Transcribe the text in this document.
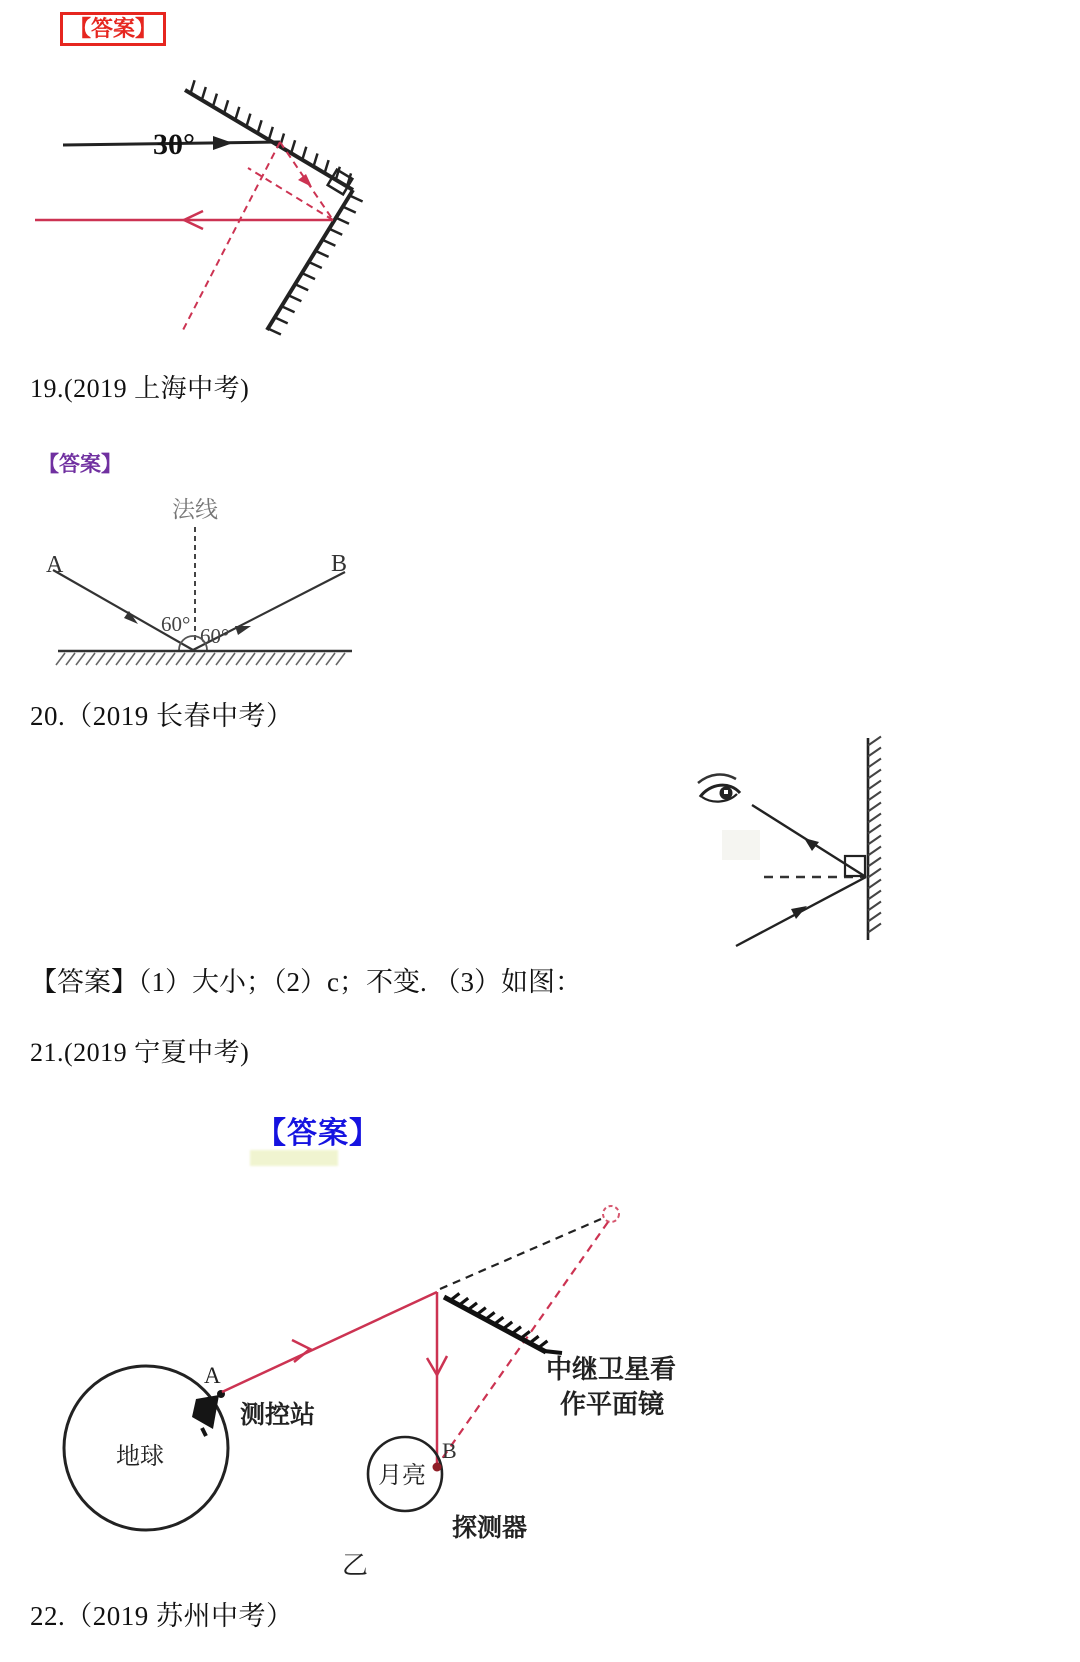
【答案】
30°
19.(2019 上海中考)
【答案】
法线
A	B
60° 60°
20.（2019 长春中考）
【答案】（1）大小；（2）c；不变. （3）如图：
21.(2019 宁夏中考)
【答案】
地球
A
测控站
中继卫星看
作平面镜
月亮
B
探测器
乙
22.（2019 苏州中考）
